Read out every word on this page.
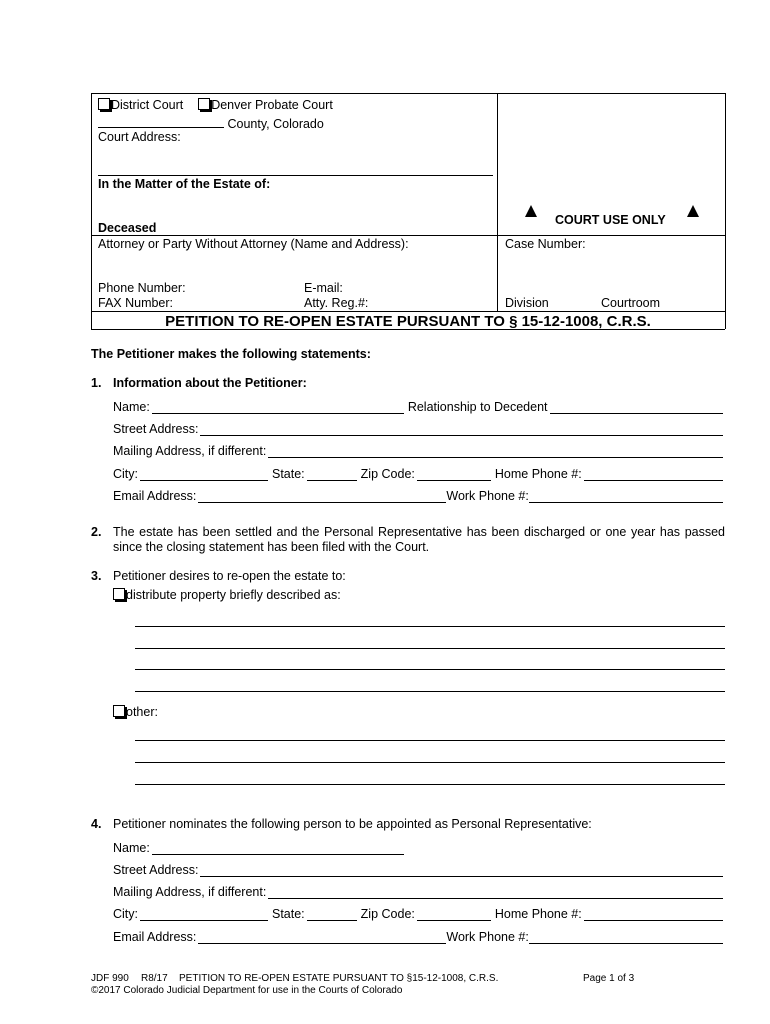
District Court Denver Probate Court
County, Colorado
Court Address:
In the Matter of the Estate of:
Deceased
COURT USE ONLY
Attorney or Party Without Attorney (Name and Address):
Phone Number:	E-mail:
FAX Number:	Atty. Reg.#:
Case Number:
Division	Courtroom
PETITION TO RE-OPEN ESTATE PURSUANT TO § 15-12-1008, C.R.S.
The Petitioner makes the following statements:
1. Information about the Petitioner:
Name:	Relationship to Decedent
Street Address:
Mailing Address, if different:
City:	State:	Zip Code:	Home Phone #:
Email Address:	Work Phone #:
2. The estate has been settled and the Personal Representative has been discharged or one year has passed since the closing statement has been filed with the Court.
3. Petitioner desires to re-open the estate to:
distribute property briefly described as:
other:
4. Petitioner nominates the following person to be appointed as Personal Representative:
Name:
Street Address:
Mailing Address, if different:
City:	State:	Zip Code:	Home Phone #:
Email Address:	Work Phone #:
JDF 990 R8/17 PETITION TO RE-OPEN ESTATE PURSUANT TO §15-12-1008, C.R.S.	Page 1 of 3
©2017 Colorado Judicial Department for use in the Courts of Colorado
